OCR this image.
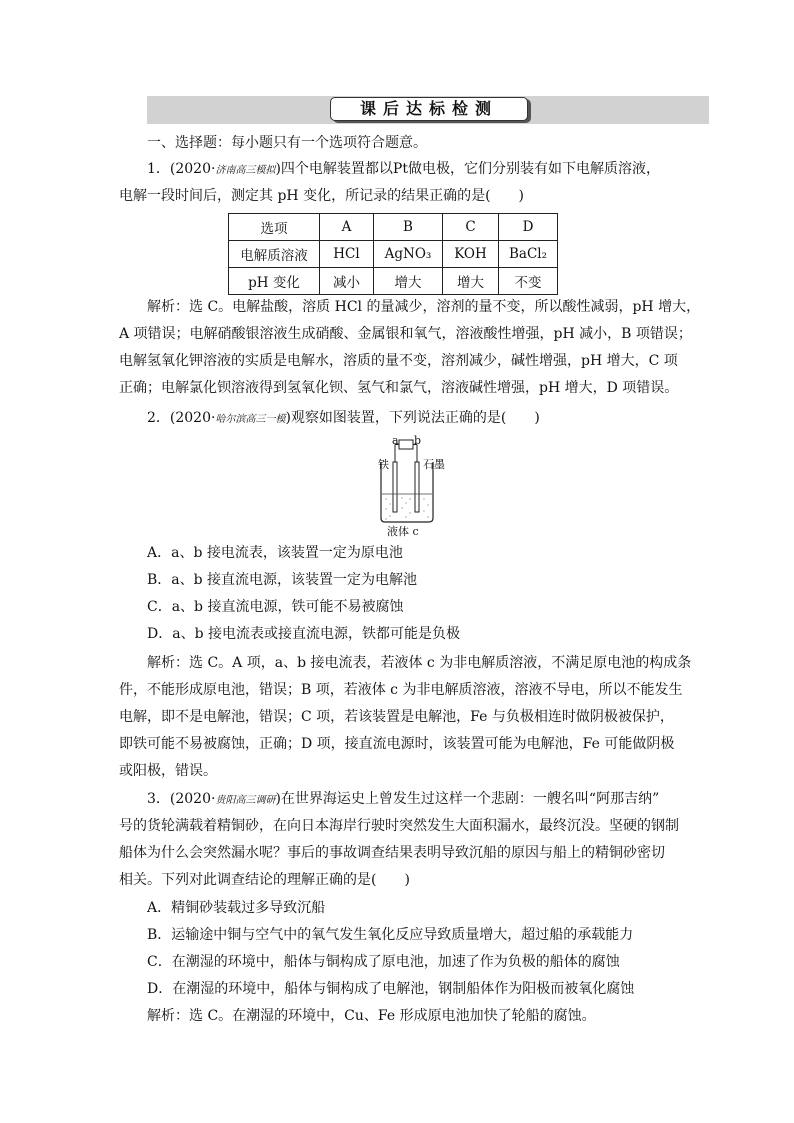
课后达标检测
一、选择题：每小题只有一个选项符合题意。
1．(2020·济南高三模拟)四个电解装置都以Pt做电极，它们分别装有如下电解质溶液，
电解一段时间后，测定其 pH 变化，所记录的结果正确的是(　　)
选项	A	B	C	D
电解质溶液	HCl	AgNO₃	KOH	BaCl₂
pH 变化	减小	增大	增大	不变
解析：选 C。电解盐酸，溶质 HCl 的量减少，溶剂的量不变，所以酸性减弱，pH 增大，
A 项错误；电解硝酸银溶液生成硝酸、金属银和氧气，溶液酸性增强，pH 减小，B 项错误；
电解氢氧化钾溶液的实质是电解水，溶质的量不变，溶剂减少，碱性增强，pH 增大，C 项
正确；电解氯化钡溶液得到氢氧化钡、氢气和氯气，溶液碱性增强，pH 增大，D 项错误。
2．(2020·哈尔滨高三一模)观察如图装置，下列说法正确的是(　　)
a b
铁	石墨
液体 c
A．a、b 接电流表，该装置一定为原电池
B．a、b 接直流电源，该装置一定为电解池
C．a、b 接直流电源，铁可能不易被腐蚀
D．a、b 接电流表或接直流电源，铁都可能是负极
解析：选 C。A 项，a、b 接电流表，若液体 c 为非电解质溶液，不满足原电池的构成条
件，不能形成原电池，错误；B 项，若液体 c 为非电解质溶液，溶液不导电，所以不能发生
电解，即不是电解池，错误；C 项，若该装置是电解池，Fe 与负极相连时做阴极被保护，
即铁可能不易被腐蚀，正确；D 项，接直流电源时，该装置可能为电解池，Fe 可能做阴极
或阳极，错误。
3．(2020·贵阳高三调研)在世界海运史上曾发生过这样一个悲剧：一艘名叫“阿那吉纳”
号的货轮满载着精铜砂，在向日本海岸行驶时突然发生大面积漏水，最终沉没。坚硬的钢制
船体为什么会突然漏水呢？事后的事故调查结果表明导致沉船的原因与船上的精铜砂密切
相关。下列对此调查结论的理解正确的是(　　)
A．精铜砂装载过多导致沉船
B．运输途中铜与空气中的氧气发生氧化反应导致质量增大，超过船的承载能力
C．在潮湿的环境中，船体与铜构成了原电池，加速了作为负极的船体的腐蚀
D．在潮湿的环境中，船体与铜构成了电解池，钢制船体作为阳极而被氧化腐蚀
解析：选 C。在潮湿的环境中，Cu、Fe 形成原电池加快了轮船的腐蚀。
